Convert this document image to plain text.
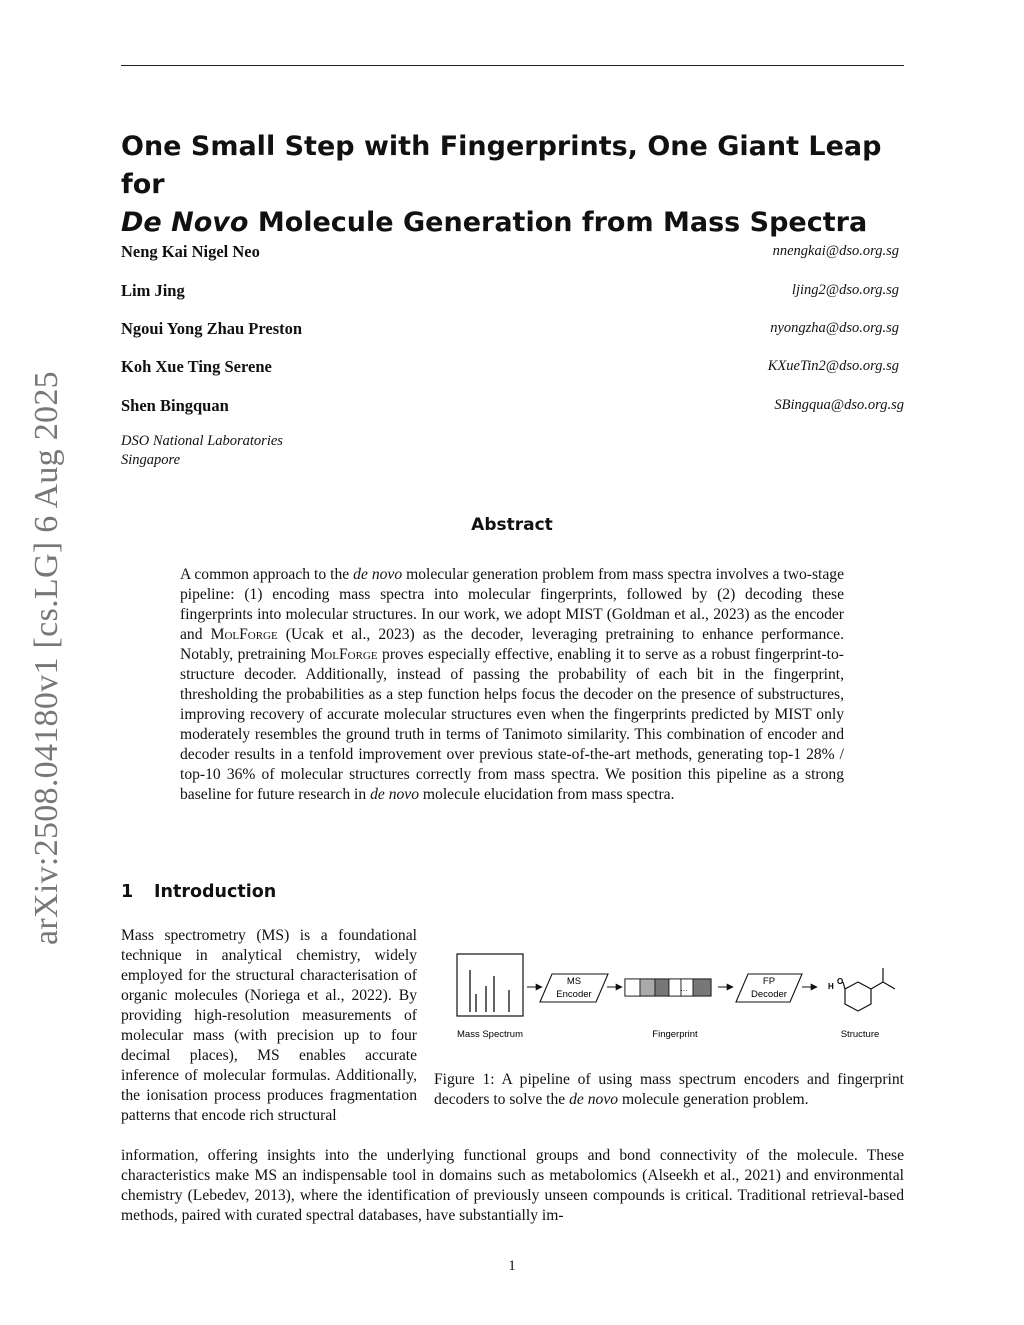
arXiv:2508.04180v1 [cs.LG] 6 Aug 2025
One Small Step with Fingerprints, One Giant Leap for
De Novo Molecule Generation from Mass Spectra
Neng Kai Nigel Neo	nnengkai@dso.org.sg
Lim Jing	ljing2@dso.org.sg
Ngoui Yong Zhau Preston	nyongzha@dso.org.sg
Koh Xue Ting Serene	KXueTin2@dso.org.sg
Shen Bingquan	SBingqua@dso.org.sg
DSO National Laboratories
Singapore
Abstract

A common approach to the de novo molecular generation problem from mass spectra involves a two-stage pipeline: (1) encoding mass spectra into molecular fingerprints, followed by (2) decoding these fingerprints into molecular structures. In our work, we adopt MIST (Goldman et al., 2023) as the encoder and MolForge (Ucak et al., 2023) as the decoder, leveraging pretraining to enhance performance. Notably, pretraining MolForge proves especially effective, enabling it to serve as a robust fingerprint-to-structure decoder. Additionally, instead of passing the probability of each bit in the fingerprint, thresholding the probabilities as a step function helps focus the decoder on the presence of substructures, improving recovery of accurate molecular structures even when the fingerprints predicted by MIST only moderately resembles the ground truth in terms of Tanimoto similarity. This combination of encoder and decoder results in a tenfold improvement over previous state-of-the-art methods, generating top-1 28% / top-10 36% of molecular structures correctly from mass spectra. We position this pipeline as a strong baseline for future research in de novo molecule elucidation from mass spectra.

1 Introduction

Mass spectrometry (MS) is a foundational technique in analytical chemistry, widely employed for the structural characterisation of organic molecules (Noriega et al., 2022). By providing high-resolution measurements of molecular mass (with precision up to four decimal places), MS enables accurate inference of molecular formulas. Additionally, the ionisation process produces fragmentation patterns that encode rich structural

Mass Spectrum
MS
Encoder
...
Fingerprint
FP
Decoder
H
O
Structure

Figure 1: A pipeline of using mass spectrum encoders and fingerprint decoders to solve the de novo molecule generation problem.

information, offering insights into the underlying functional groups and bond connectivity of the molecule. These characteristics make MS an indispensable tool in domains such as metabolomics (Alseekh et al., 2021) and environmental chemistry (Lebedev, 2013), where the identification of previously unseen compounds is critical. Traditional retrieval-based methods, paired with curated spectral databases, have substantially im-

1
